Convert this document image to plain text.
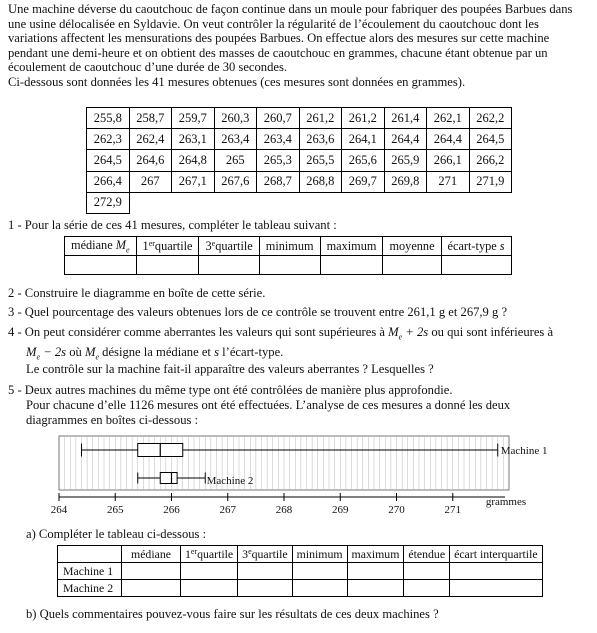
Une machine déverse du caoutchouc de façon continue dans un moule pour fabriquer des poupées Barbues dans
une usine délocalisée en Syldavie. On veut contrôler la régularité de l’écoulement du caoutchouc dont les
variations affectent les mensurations des poupées Barbues. On effectue alors des mesures sur cette machine
pendant une demi-heure et on obtient des masses de caoutchouc en grammes, chacune étant obtenue par un
écoulement de caoutchouc d’une durée de 30 secondes.
Ci-dessous sont données les 41 mesures obtenues (ces mesures sont données en grammes).
255,8	258,7	259,7	260,3	260,7	261,2	261,2	261,4	262,1	262,2
262,3	262,4	263,1	263,4	263,4	263,6	264,1	264,4	264,4	264,5
264,5	264,6	264,8	265	265,3	265,5	265,6	265,9	266,1	266,2
266,4	267	267,1	267,6	268,7	268,8	269,7	269,8	271	271,9
272,9									
1 - Pour la série de ces 41 mesures, compléter le tableau suivant :
médiane $M_e$	1erquartile	3equartile	minimum	maximum	moyenne	écart-type s

2 - Construire le diagramme en boîte de cette série.
3 - Quel pourcentage des valeurs obtenues lors de ce contrôle se trouvent entre 261,1 g et 267,9 g ?
4 - On peut considérer comme aberrantes les valeurs qui sont supérieures à $M_e + 2s$ ou qui sont inférieures à
$M_e - 2s$ où $M_e$ désigne la médiane et s l’écart-type.
Le contrôle sur la machine fait-il apparaître des valeurs aberrantes ? Lesquelles ?
5 - Deux autres machines du même type ont été contrôlées de manière plus approfondie.
Pour chacune d’elle 1126 mesures ont été effectuées. L’analyse de ces mesures a donné les deux
diagrammes en boîtes ci-dessous :
264	265	266	267	268	269	270	271
grammes
Machine 1
Machine 2
a) Compléter le tableau ci-dessous :
	médiane	1erquartile	3equartile	minimum	maximum	étendue	écart interquartile
Machine 1							
Machine 2							
b) Quels commentaires pouvez-vous faire sur les résultats de ces deux machines ?
